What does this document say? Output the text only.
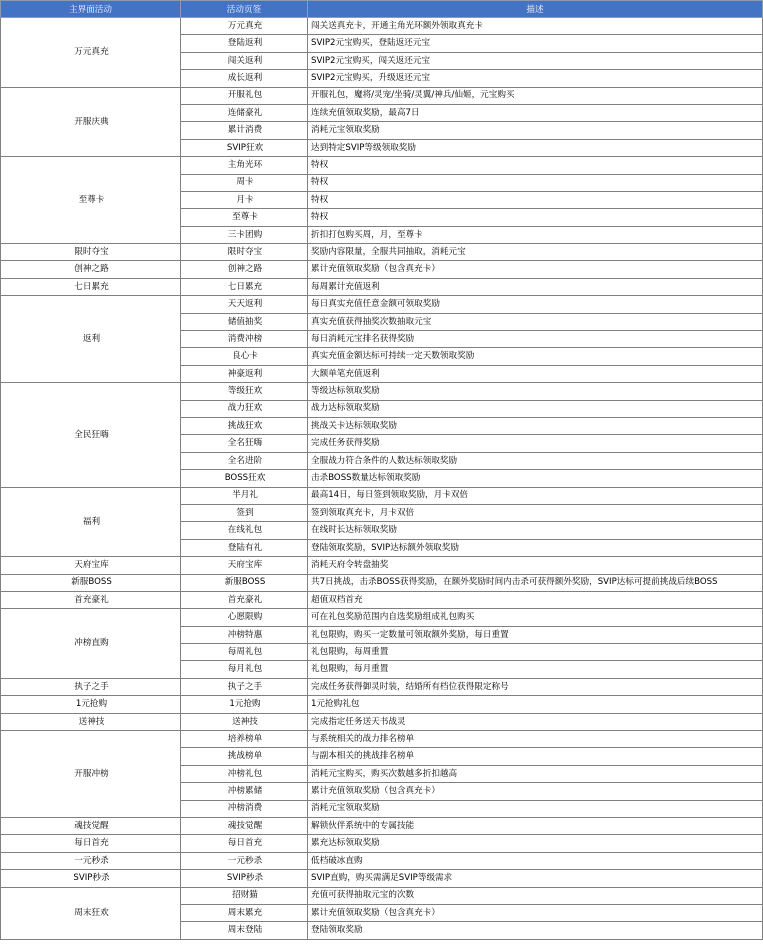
主界面活动	活动页签	描述
万元真充	万元真充	闯关送真充卡，开通主角光环额外领取真充卡
	登陆返利	SVIP2元宝购买，登陆返还元宝
	闯关返利	SVIP2元宝购买，闯关返还元宝
	成长返利	SVIP2元宝购买，升级返还元宝
开服庆典	开服礼包	开服礼包，魔将/灵宠/坐骑/灵翼/神兵/仙姬，元宝购买
	连储豪礼	连续充值领取奖励，最高7日
	累计消费	消耗元宝领取奖励
	SVIP狂欢	达到特定SVIP等级领取奖励
至尊卡	主角光环	特权
	周卡	特权
	月卡	特权
	至尊卡	特权
	三卡团购	折扣打包购买周，月，至尊卡
限时夺宝	限时夺宝	奖励内容限量，全服共同抽取，消耗元宝
创神之路	创神之路	累计充值领取奖励（包含真充卡）
七日累充	七日累充	每周累计充值返利
返利	天天返利	每日真实充值任意金额可领取奖励
	储值抽奖	真实充值获得抽奖次数抽取元宝
	消费冲榜	每日消耗元宝排名获得奖励
	良心卡	真实充值金额达标可持续一定天数领取奖励
	神豪返利	大额单笔充值返利
全民狂嗨	等级狂欢	等级达标领取奖励
	战力狂欢	战力达标领取奖励
	挑战狂欢	挑战关卡达标领取奖励
	全名狂嗨	完成任务获得奖励
	全名进阶	全服战力符合条件的人数达标领取奖励
	BOSS狂欢	击杀BOSS数量达标领取奖励
福利	半月礼	最高14日，每日签到领取奖励，月卡双倍
	签到	签到领取真充卡，月卡双倍
	在线礼包	在线时长达标领取奖励
	登陆有礼	登陆领取奖励，SVIP达标额外领取奖励
天府宝库	天府宝库	消耗天府令转盘抽奖
新服BOSS	新服BOSS	共7日挑战，击杀BOSS获得奖励，在额外奖励时间内击杀可获得额外奖励，SVIP达标可提前挑战后续BOSS
首充豪礼	首充豪礼	超值双档首充
冲榜直购	心愿限购	可在礼包奖励范围内自选奖励组成礼包购买
	冲榜特惠	礼包限购，购买一定数量可领取额外奖励，每日重置
	每周礼包	礼包限购，每周重置
	每月礼包	礼包限购，每月重置
执子之手	执子之手	完成任务获得御灵时装，结婚所有档位获得限定称号
1元抢购	1元抢购	1元抢购礼包
送神技	送神技	完成指定任务送天书战灵
开服冲榜	培养榜单	与系统相关的战力排名榜单
	挑战榜单	与副本相关的挑战排名榜单
	冲榜礼包	消耗元宝购买，购买次数越多折扣越高
	冲榜累储	累计充值领取奖励（包含真充卡）
	冲榜消费	消耗元宝领取奖励
魂技觉醒	魂技觉醒	解锁伙伴系统中的专属技能
每日首充	每日首充	累充达标领取奖励
一元秒杀	一元秒杀	低档破冰直购
SVIP秒杀	SVIP秒杀	SVIP直购，购买需满足SVIP等级需求
周末狂欢	招财猫	充值可获得抽取元宝的次数
	周末累充	累计充值领取奖励（包含真充卡）
	周末登陆	登陆领取奖励
